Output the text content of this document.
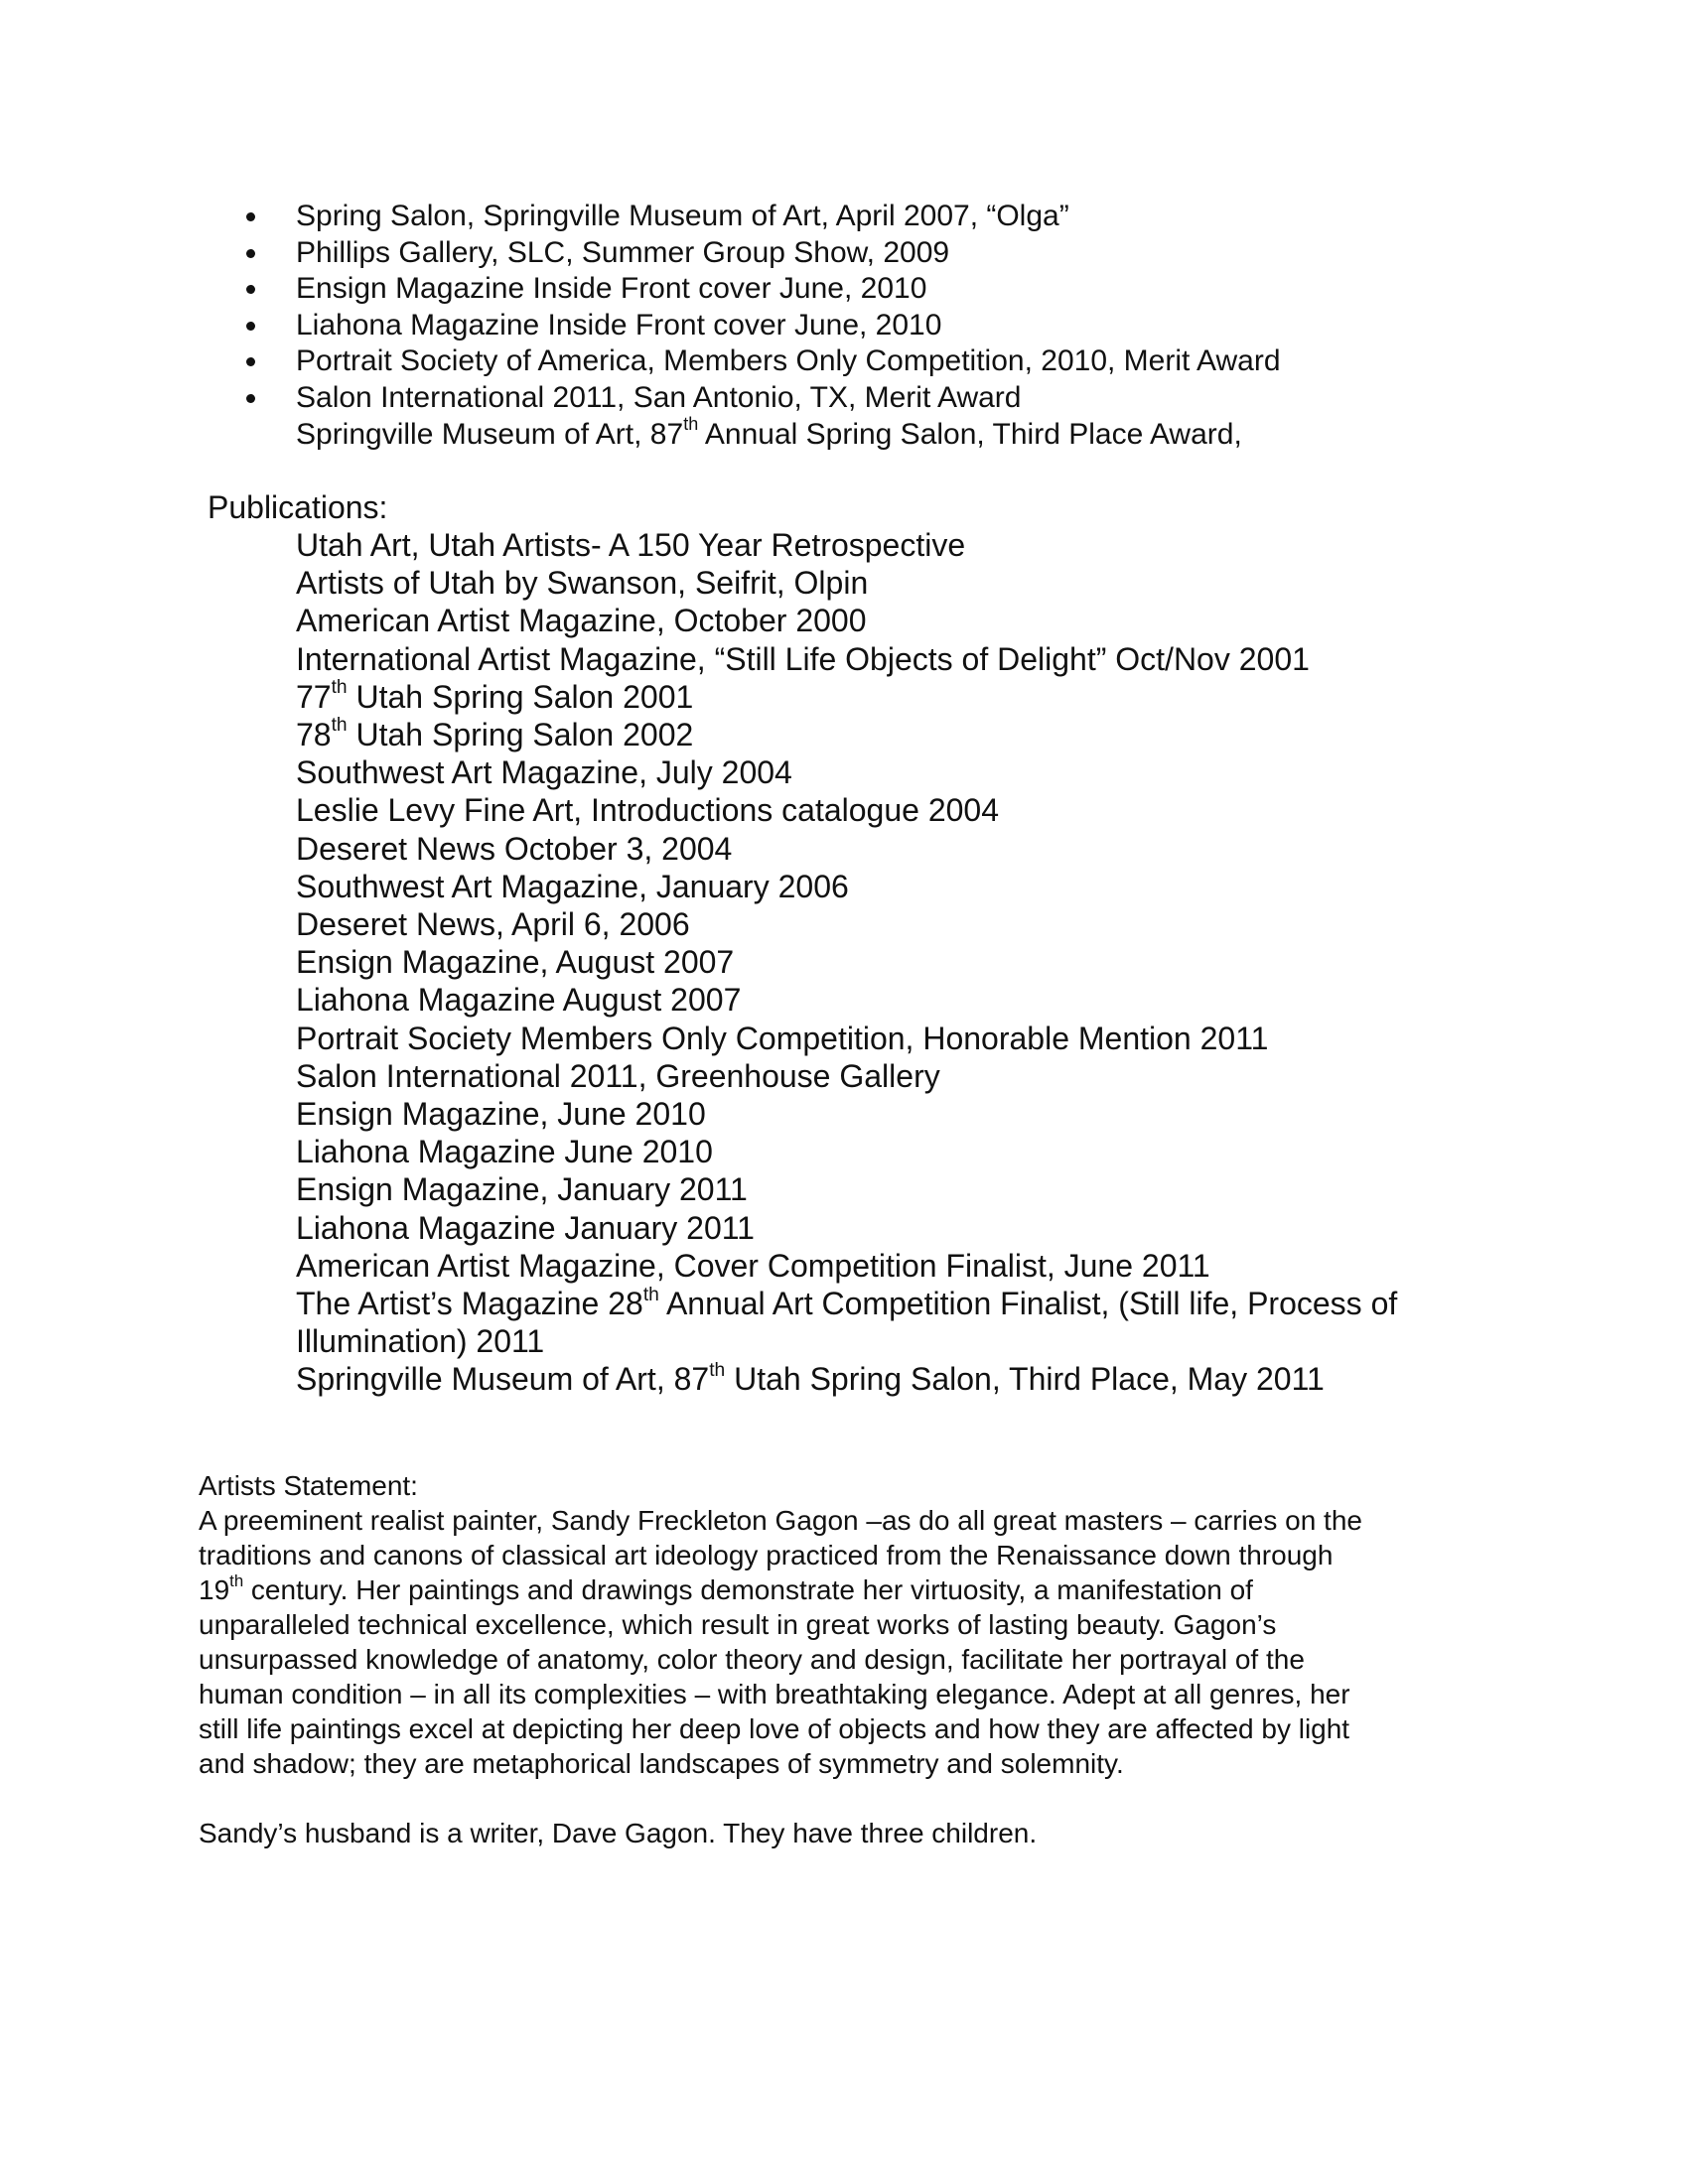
Spring Salon, Springville Museum of Art, April 2007, “Olga”
Phillips Gallery, SLC, Summer Group Show, 2009
Ensign Magazine Inside Front cover June, 2010
Liahona Magazine Inside Front cover June, 2010
Portrait Society of America, Members Only Competition, 2010, Merit Award
Salon International 2011, San Antonio, TX, Merit Award
Springville Museum of Art, 87th Annual Spring Salon, Third Place Award,
Publications:
Utah Art, Utah Artists- A 150 Year Retrospective
Artists of Utah by Swanson, Seifrit, Olpin
American Artist Magazine, October 2000
International Artist Magazine, “Still Life Objects of Delight” Oct/Nov 2001
77th Utah Spring Salon 2001
78th Utah Spring Salon 2002
Southwest Art Magazine, July 2004
Leslie Levy Fine Art, Introductions catalogue 2004
Deseret News October 3, 2004
Southwest Art Magazine, January 2006
Deseret News, April 6, 2006
Ensign Magazine, August 2007
Liahona Magazine August 2007
Portrait Society Members Only Competition, Honorable Mention 2011
Salon International 2011, Greenhouse Gallery
Ensign Magazine, June 2010
Liahona Magazine June 2010
Ensign Magazine, January 2011
Liahona Magazine January 2011
American Artist Magazine, Cover Competition Finalist, June 2011
The Artist’s Magazine 28th Annual Art Competition Finalist, (Still life, Process of
Illumination) 2011
Springville Museum of Art, 87th Utah Spring Salon, Third Place, May 2011
Artists Statement:
A preeminent realist painter, Sandy Freckleton Gagon –as do all great masters – carries on the
traditions and canons of classical art ideology practiced from the Renaissance down through
19th century. Her paintings and drawings demonstrate her virtuosity, a manifestation of
unparalleled technical excellence, which result in great works of lasting beauty. Gagon’s
unsurpassed knowledge of anatomy, color theory and design, facilitate her portrayal of the
human condition – in all its complexities – with breathtaking elegance. Adept at all genres, her
still life paintings excel at depicting her deep love of objects and how they are affected by light
and shadow; they are metaphorical landscapes of symmetry and solemnity.
Sandy’s husband is a writer, Dave Gagon. They have three children.
